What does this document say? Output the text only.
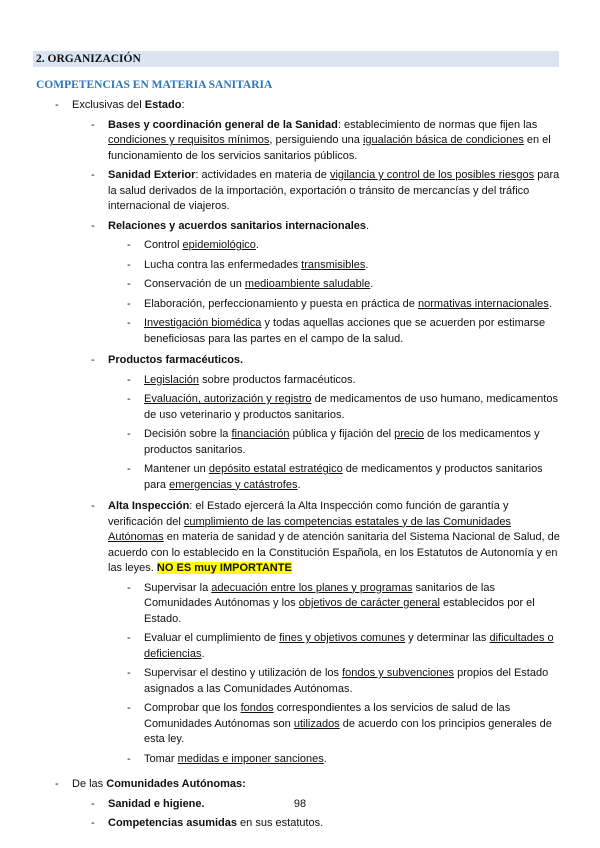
2. ORGANIZACIÓN
COMPETENCIAS EN MATERIA SANITARIA
- Exclusivas del Estado:
- Bases y coordinación general de la Sanidad: establecimiento de normas que fijen las condiciones y requisitos mínimos, persiguiendo una igualación básica de condiciones en el funcionamiento de los servicios sanitarios públicos.
- Sanidad Exterior: actividades en materia de vigilancia y control de los posibles riesgos para la salud derivados de la importación, exportación o tránsito de mercancías y del tráfico internacional de viajeros.
- Relaciones y acuerdos sanitarios internacionales.
- Control epidemiológico.
- Lucha contra las enfermedades transmisibles.
- Conservación de un medioambiente saludable.
- Elaboración, perfeccionamiento y puesta en práctica de normativas internacionales.
- Investigación biomédica y todas aquellas acciones que se acuerden por estimarse beneficiosas para las partes en el campo de la salud.
- Productos farmacéuticos.
- Legislación sobre productos farmacéuticos.
- Evaluación, autorización y registro de medicamentos de uso humano, medicamentos de uso veterinario y productos sanitarios.
- Decisión sobre la financiación pública y fijación del precio de los medicamentos y productos sanitarios.
- Mantener un depósito estatal estratégico de medicamentos y productos sanitarios para emergencias y catástrofes.
- Alta Inspección: el Estado ejercerá la Alta Inspección como función de garantía y verificación del cumplimiento de las competencias estatales y de las Comunidades Autónomas en materia de sanidad y de atención sanitaria del Sistema Nacional de Salud, de acuerdo con lo establecido en la Constitución Española, en los Estatutos de Autonomía y en las leyes. NO ES muy IMPORTANTE
- Supervisar la adecuación entre los planes y programas sanitarios de las Comunidades Autónomas y los objetivos de carácter general establecidos por el Estado.
- Evaluar el cumplimiento de fines y objetivos comunes y determinar las dificultades o deficiencias.
- Supervisar el destino y utilización de los fondos y subvenciones propios del Estado asignados a las Comunidades Autónomas.
- Comprobar que los fondos correspondientes a los servicios de salud de las Comunidades Autónomas son utilizados de acuerdo con los principios generales de esta ley.
- Tomar medidas e imponer sanciones.
- De las Comunidades Autónomas:
- Sanidad e higiene.
- Competencias asumidas en sus estatutos.
98
